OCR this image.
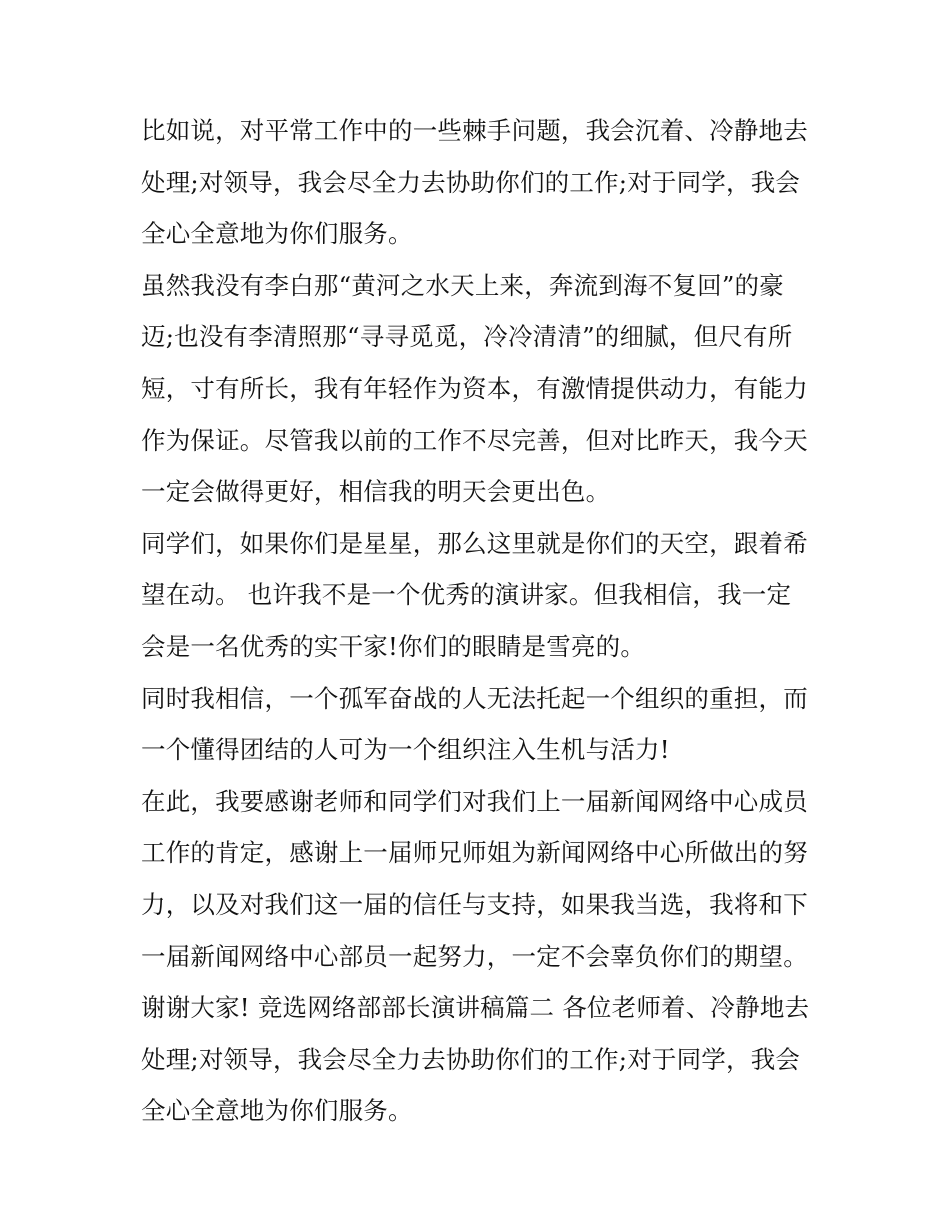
比如说，对平常工作中的一些棘手问题，我会沉着、冷静地去
处理;对领导，我会尽全力去协助你们的工作;对于同学，我会
全心全意地为你们服务。
虽然我没有李白那“黄河之水天上来，奔流到海不复回”的豪
迈;也没有李清照那“寻寻觅觅，冷冷清清”的细腻，但尺有所
短，寸有所长，我有年轻作为资本，有激情提供动力，有能力
作为保证。尽管我以前的工作不尽完善，但对比昨天，我今天
一定会做得更好，相信我的明天会更出色。
同学们，如果你们是星星，那么这里就是你们的天空，跟着希
望在动。 也许我不是一个优秀的演讲家。但我相信，我一定
会是一名优秀的实干家!你们的眼睛是雪亮的。
同时我相信，一个孤军奋战的人无法托起一个组织的重担，而
一个懂得团结的人可为一个组织注入生机与活力!
在此，我要感谢老师和同学们对我们上一届新闻网络中心成员
工作的肯定，感谢上一届师兄师姐为新闻网络中心所做出的努
力，以及对我们这一届的信任与支持，如果我当选，我将和下
一届新闻网络中心部员一起努力，一定不会辜负你们的期望。
谢谢大家! 竞选网络部部长演讲稿篇二 各位老师着、冷静地去
处理;对领导，我会尽全力去协助你们的工作;对于同学，我会
全心全意地为你们服务。
